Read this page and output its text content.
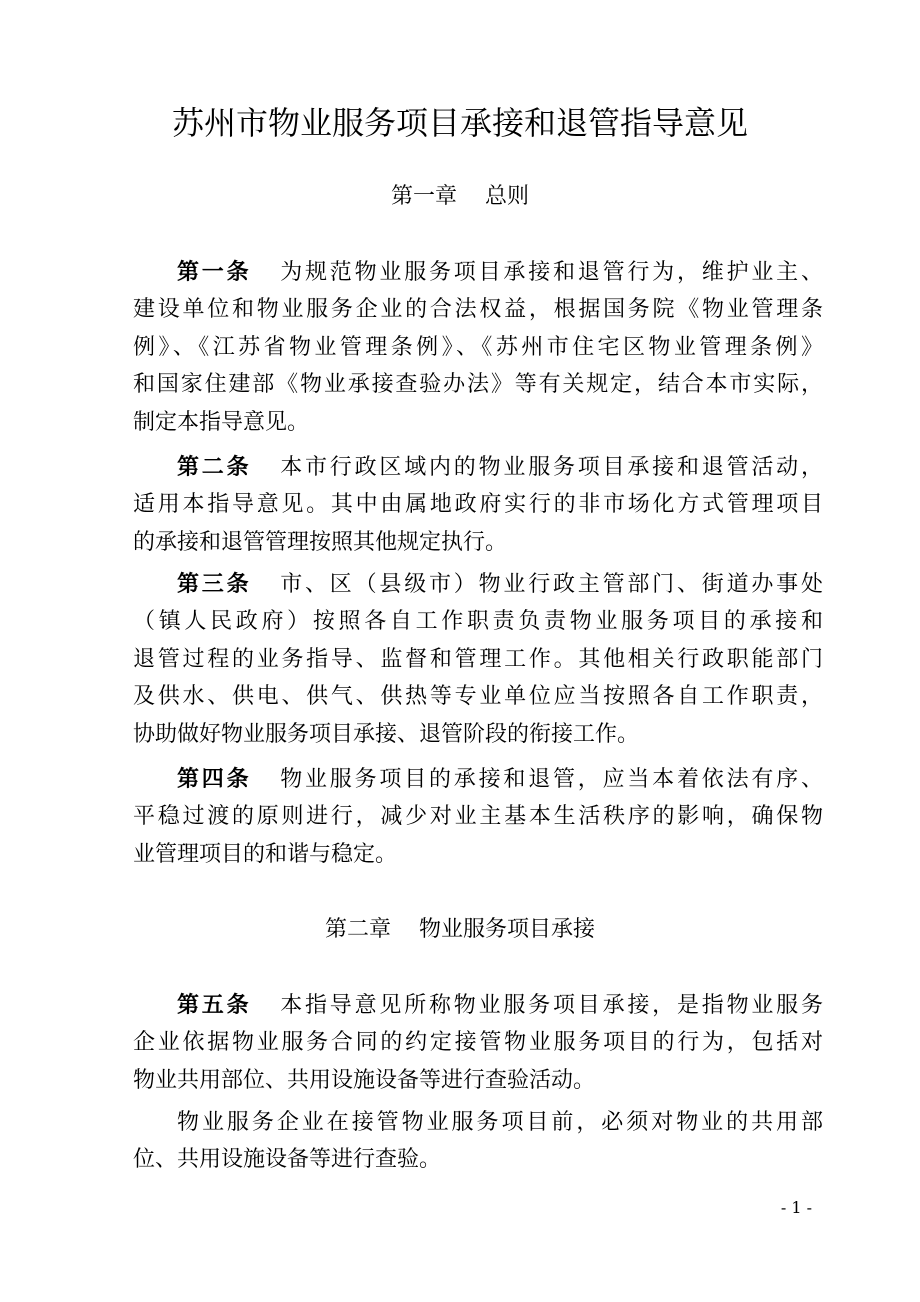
苏州市物业服务项目承接和退管指导意见
第一章 总则
第一条 为规范物业服务项目承接和退管行为，维护业主、
建设单位和物业服务企业的合法权益，根据国务院《物业管理条
例》、《江苏省物业管理条例》、《苏州市住宅区物业管理条例》
和国家住建部《物业承接查验办法》等有关规定，结合本市实际，
制定本指导意见。
第二条 本市行政区域内的物业服务项目承接和退管活动，
适用本指导意见。其中由属地政府实行的非市场化方式管理项目
的承接和退管管理按照其他规定执行。
第三条 市、区（县级市）物业行政主管部门、街道办事处
（镇人民政府）按照各自工作职责负责物业服务项目的承接和
退管过程的业务指导、监督和管理工作。其他相关行政职能部门
及供水、供电、供气、供热等专业单位应当按照各自工作职责，
协助做好物业服务项目承接、退管阶段的衔接工作。
第四条 物业服务项目的承接和退管，应当本着依法有序、
平稳过渡的原则进行，减少对业主基本生活秩序的影响，确保物
业管理项目的和谐与稳定。
第二章 物业服务项目承接
第五条 本指导意见所称物业服务项目承接，是指物业服务
企业依据物业服务合同的约定接管物业服务项目的行为，包括对
物业共用部位、共用设施设备等进行查验活动。
物业服务企业在接管物业服务项目前，必须对物业的共用部
位、共用设施设备等进行查验。
- 1 -
